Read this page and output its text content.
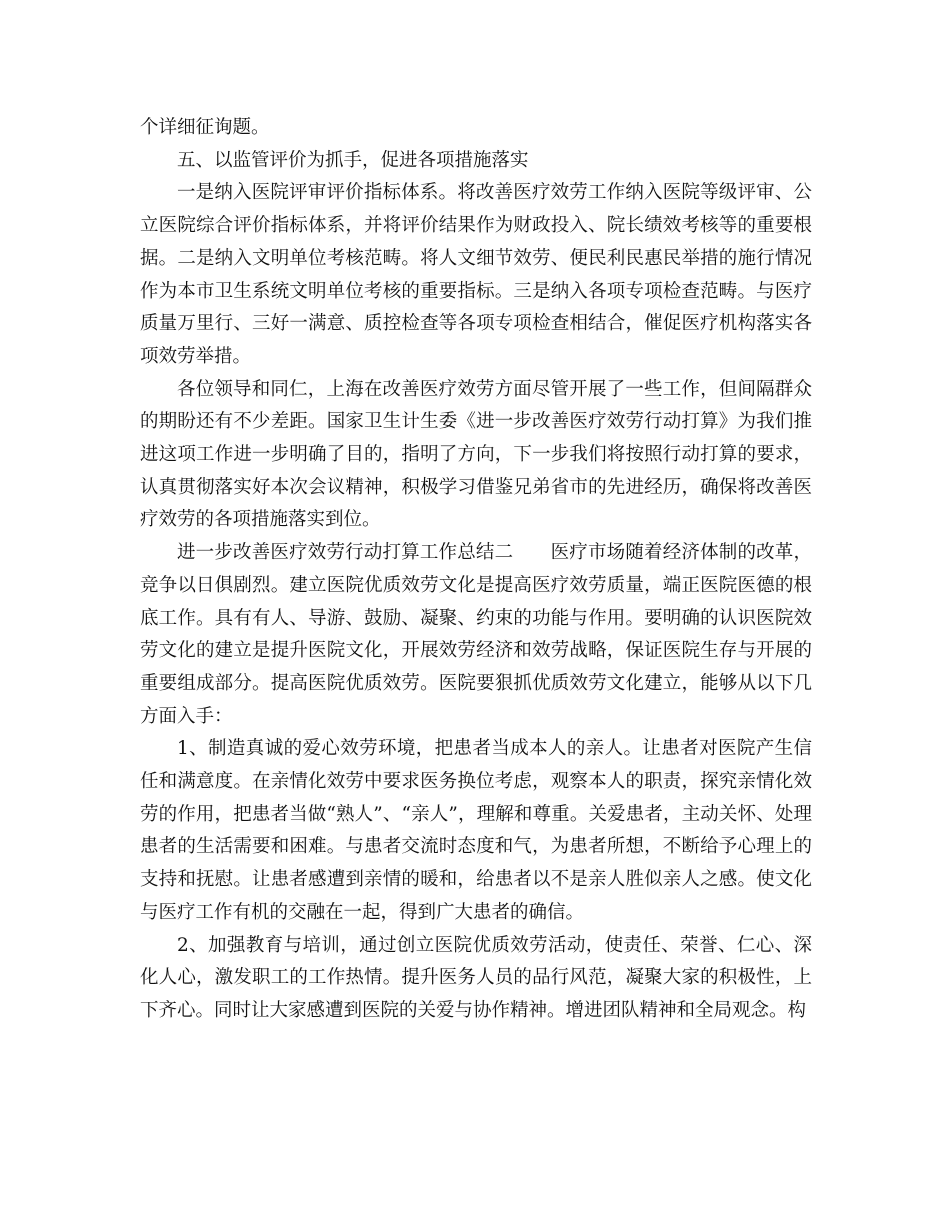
个详细征询题。

五、以监管评价为抓手，促进各项措施落实

一是纳入医院评审评价指标体系。将改善医疗效劳工作纳入医院等级评审、公立医院综合评价指标体系，并将评价结果作为财政投入、院长绩效考核等的重要根据。二是纳入文明单位考核范畴。将人文细节效劳、便民利民惠民举措的施行情况作为本市卫生系统文明单位考核的重要指标。三是纳入各项专项检查范畴。与医疗质量万里行、三好一满意、质控检查等各项专项检查相结合，催促医疗机构落实各项效劳举措。

各位领导和同仁，上海在改善医疗效劳方面尽管开展了一些工作，但间隔群众的期盼还有不少差距。国家卫生计生委《进一步改善医疗效劳行动打算》为我们推进这项工作进一步明确了目的，指明了方向，下一步我们将按照行动打算的要求，认真贯彻落实好本次会议精神，积极学习借鉴兄弟省市的先进经历，确保将改善医疗效劳的各项措施落实到位。

进一步改善医疗效劳行动打算工作总结二　　医疗市场随着经济体制的改革，竞争以日俱剧烈。建立医院优质效劳文化是提高医疗效劳质量，端正医院医德的根底工作。具有有人、导游、鼓励、凝聚、约束的功能与作用。要明确的认识医院效劳文化的建立是提升医院文化，开展效劳经济和效劳战略，保证医院生存与开展的重要组成部分。提高医院优质效劳。医院要狠抓优质效劳文化建立，能够从以下几方面入手：

1、制造真诚的爱心效劳环境，把患者当成本人的亲人。让患者对医院产生信任和满意度。在亲情化效劳中要求医务换位考虑，观察本人的职责，探究亲情化效劳的作用，把患者当做“熟人”、“亲人”，理解和尊重。关爱患者，主动关怀、处理患者的生活需要和困难。与患者交流时态度和气，为患者所想，不断给予心理上的支持和抚慰。让患者感遭到亲情的暖和，给患者以不是亲人胜似亲人之感。使文化与医疗工作有机的交融在一起，得到广大患者的确信。

2、加强教育与培训，通过创立医院优质效劳活动，使责任、荣誉、仁心、深化人心，激发职工的工作热情。提升医务人员的品行风范，凝聚大家的积极性，上下齐心。同时让大家感遭到医院的关爱与协作精神。增进团队精神和全局观念。构
